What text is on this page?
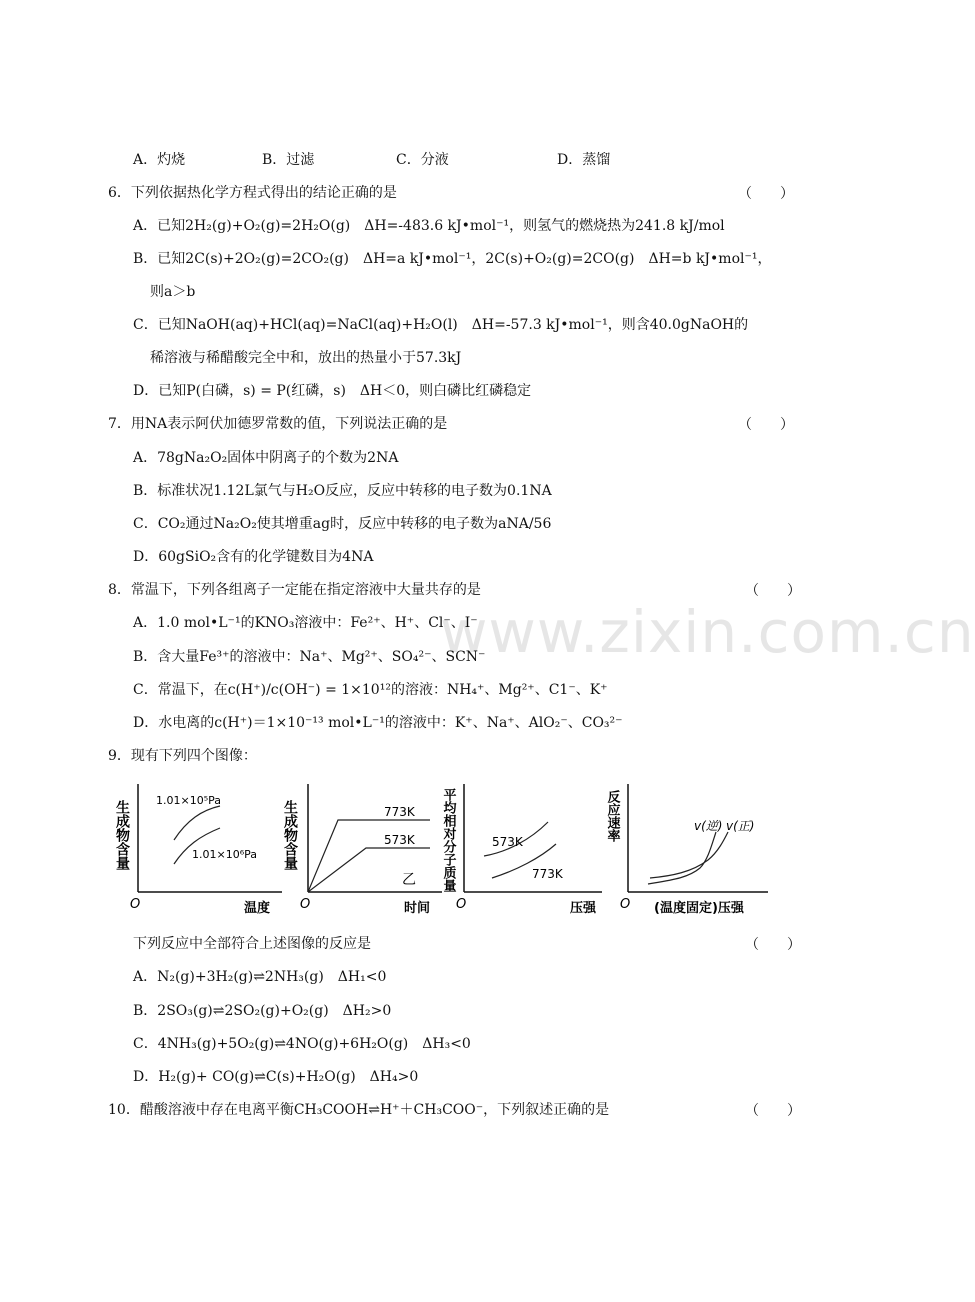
www.zixin.com.cn
A．灼烧	B．过滤	C．分液	D．蒸馏
6．下列依据热化学方程式得出的结论正确的是	（　　）
A．已知2H₂(g)+O₂(g)=2H₂O(g)　ΔH=-483.6 kJ•mol⁻¹，则氢气的燃烧热为241.8 kJ/mol
B．已知2C(s)+2O₂(g)=2CO₂(g)　ΔH=a kJ•mol⁻¹，2C(s)+O₂(g)=2CO(g)　ΔH=b kJ•mol⁻¹，
则a＞b
C．已知NaOH(aq)+HCl(aq)=NaCl(aq)+H₂O(l)　ΔH=-57.3 kJ•mol⁻¹，则含40.0gNaOH的
稀溶液与稀醋酸完全中和，放出的热量小于57.3kJ
D．已知P(白磷，s) = P(红磷，s)　ΔH＜0，则白磷比红磷稳定
7．用NA表示阿伏加德罗常数的值，下列说法正确的是	（　　）
A．78gNa₂O₂固体中阴离子的个数为2NA
B．标准状况1.12L氯气与H₂O反应，反应中转移的电子数为0.1NA
C．CO₂通过Na₂O₂使其增重ag时，反应中转移的电子数为aNA/56
D．60gSiO₂含有的化学键数目为4NA
8．常温下，下列各组离子一定能在指定溶液中大量共存的是	（　　）
A．1.0 mol•L⁻¹的KNO₃溶液中：Fe²⁺、H⁺、Cl⁻、I⁻
B．含大量Fe³⁺的溶液中：Na⁺、Mg²⁺、SO₄²⁻、SCN⁻
C．常温下，在c(H⁺)/c(OH⁻) = 1×10¹²的溶液：NH₄⁺、Mg²⁺、C1⁻、K⁺
D．水电离的c(H⁺)＝1×10⁻¹³ mol•L⁻¹的溶液中：K⁺、Na⁺、AlO₂⁻、CO₃²⁻
9．现有下列四个图像：
生成物含量
温度
O
1.01×10⁵Pa
1.01×10⁶Pa 生成物含量
时间
O
773K
573K
乙 平均相对分子质量
压强
O
573K
773K
反应速率
(温度固定)压强
O
v(逆) v(正)
下列反应中全部符合上述图像的反应是	（　　）
A．N₂(g)+3H₂(g)⇌2NH₃(g)　ΔH₁<0
B．2SO₃(g)⇌2SO₂(g)+O₂(g)　ΔH₂>0
C．4NH₃(g)+5O₂(g)⇌4NO(g)+6H₂O(g)　ΔH₃<0
D．H₂(g)+ CO(g)⇌C(s)+H₂O(g)　ΔH₄>0
10．醋酸溶液中存在电离平衡CH₃COOH⇌H⁺＋CH₃COO⁻，下列叙述正确的是	（　　）
